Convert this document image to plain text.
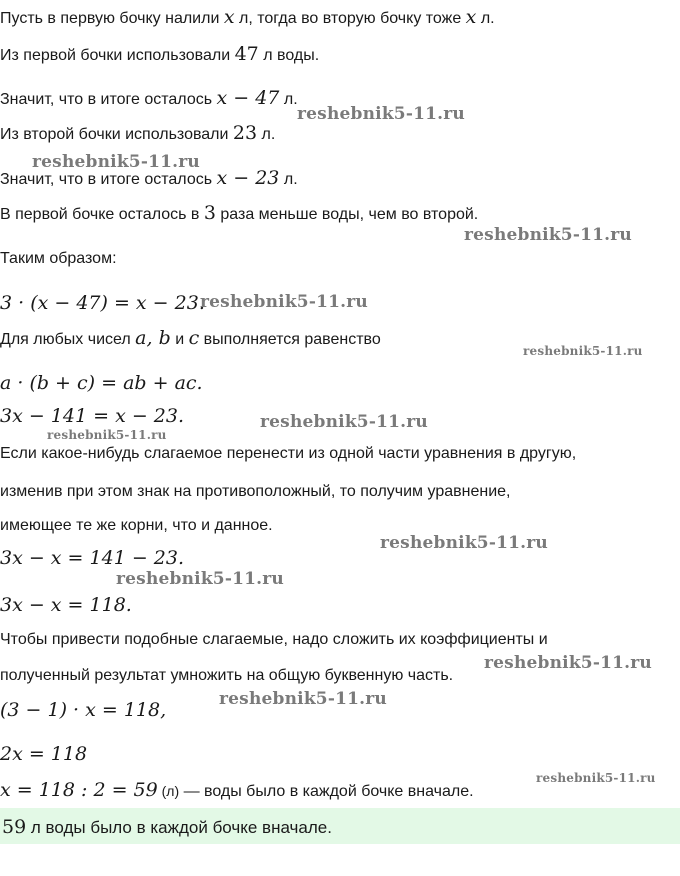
Пусть в первую бочку налили x л, тогда во вторую бочку тоже x л.
Из первой бочки использовали 47 л воды.
Значит, что в итоге осталось x − 47 л.
Из второй бочки использовали 23 л.
Значит, что в итоге осталось x − 23 л.
В первой бочке осталось в 3 раза меньше воды, чем во второй.
Таким образом:
3 · (x − 47) = x − 23.
Для любых чисел a, b и c выполняется равенство
a · (b + c) = ab + ac.
3x − 141 = x − 23.
Если какое-нибудь слагаемое перенести из одной части уравнения в другую,
изменив при этом знак на противоположный, то получим уравнение,
имеющее те же корни, что и данное.
3x − x = 141 − 23.
3x − x = 118.
Чтобы привести подобные слагаемые, надо сложить их коэффициенты и
полученный результат умножить на общую буквенную часть.
(3 − 1) · x = 118,
2x = 118
x = 118 : 2 = 59 (л) — воды было в каждой бочке вначале.
59 л воды было в каждой бочке вначале.
reshebnik5-11.ru
reshebnik5-11.ru
reshebnik5-11.ru
reshebnik5-11.ru
reshebnik5-11.ru
reshebnik5-11.ru
reshebnik5-11.ru
reshebnik5-11.ru
reshebnik5-11.ru
reshebnik5-11.ru
reshebnik5-11.ru
reshebnik5-11.ru
